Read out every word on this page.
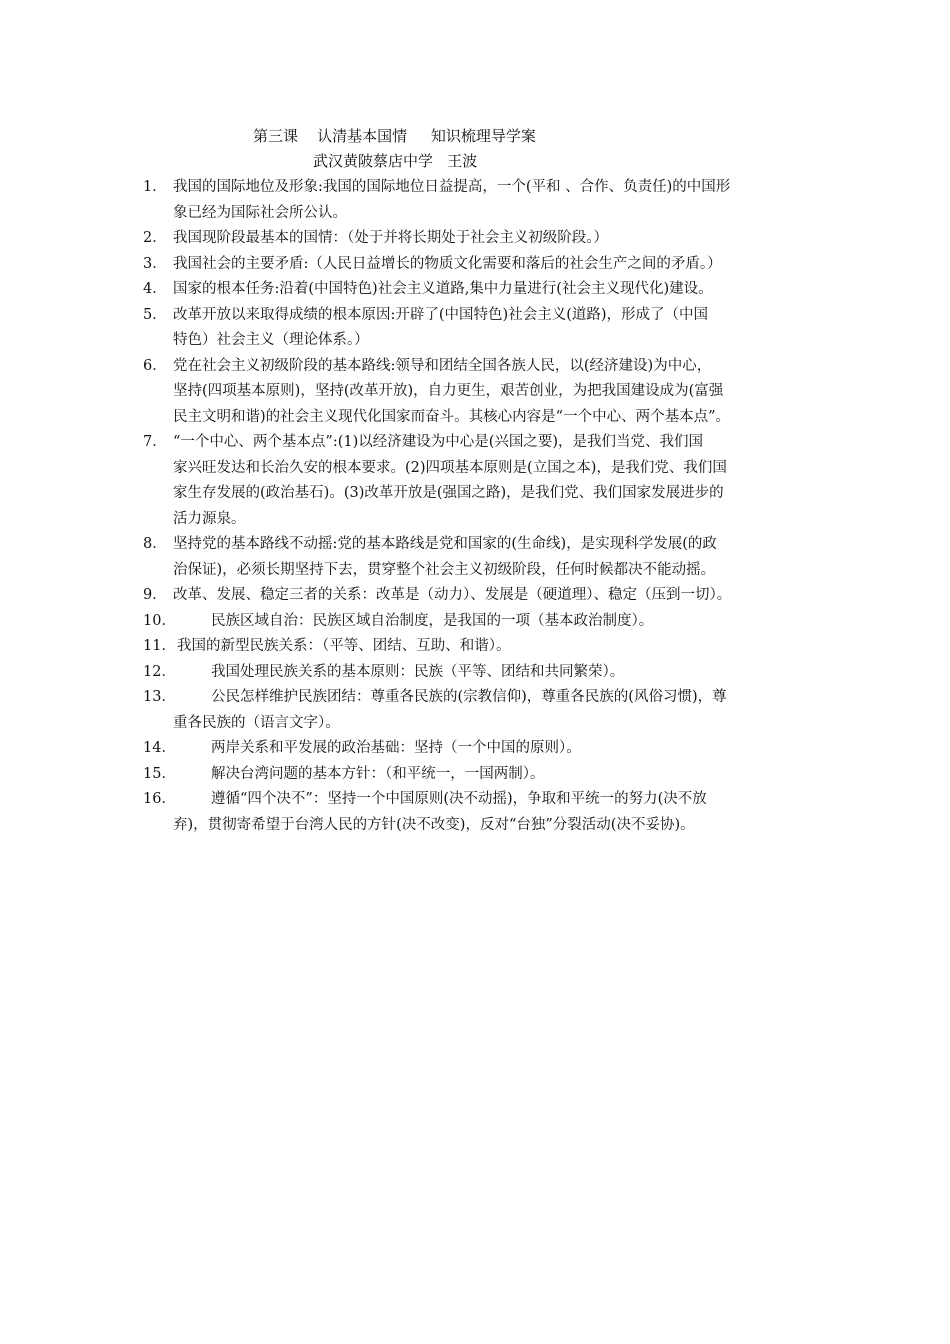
第三课    认清基本国情     知识梳理导学案
武汉黄陂蔡店中学   王波
1． 我国的国际地位及形象:我国的国际地位日益提高，一个(平和 、合作、负责任)的中国形
象已经为国际社会所公认。
2． 我国现阶段最基本的国情：（处于并将长期处于社会主义初级阶段。）
3． 我国社会的主要矛盾:（人民日益增长的物质文化需要和落后的社会生产之间的矛盾。）
4． 国家的根本任务:沿着(中国特色)社会主义道路,集中力量进行(社会主义现代化)建设。
5． 改革开放以来取得成绩的根本原因:开辟了(中国特色)社会主义(道路)，形成了（中国
特色）社会主义（理论体系。）
6． 党在社会主义初级阶段的基本路线:领导和团结全国各族人民，以(经济建设)为中心，
坚持(四项基本原则)，坚持(改革开放)，自力更生，艰苦创业，为把我国建设成为(富强
民主文明和谐)的社会主义现代化国家而奋斗。其核心内容是“一个中心、两个基本点”。
7． “一个中心、两个基本点”:(1)以经济建设为中心是(兴国之要)，是我们当党、我们国
家兴旺发达和长治久安的根本要求。(2)四项基本原则是(立国之本)，是我们党、我们国
家生存发展的(政治基石)。(3)改革开放是(强国之路)，是我们党、我们国家发展进步的
活力源泉。
8． 坚持党的基本路线不动摇:党的基本路线是党和国家的(生命线)，是实现科学发展(的政
治保证)，必须长期坚持下去，贯穿整个社会主义初级阶段，任何时候都决不能动摇。
9． 改革、发展、稳定三者的关系：改革是（动力）、发展是（硬道理）、稳定（压到一切）。
10．	民族区域自治：民族区域自治制度，是我国的一项（基本政治制度）。
11． 我国的新型民族关系：（平等、团结、互助、和谐）。
12．	我国处理民族关系的基本原则：民族（平等、团结和共同繁荣）。
13．	公民怎样维护民族团结：尊重各民族的(宗教信仰)，尊重各民族的(风俗习惯)，尊
重各民族的（语言文字）。
14．	两岸关系和平发展的政治基础：坚持（一个中国的原则）。
15．	解决台湾问题的基本方针：（和平统一，一国两制）。
16．	遵循“四个决不”：坚持一个中国原则(决不动摇)，争取和平统一的努力(决不放
弃)，贯彻寄希望于台湾人民的方针(决不改变)，反对“台独”分裂活动(决不妥协)。
